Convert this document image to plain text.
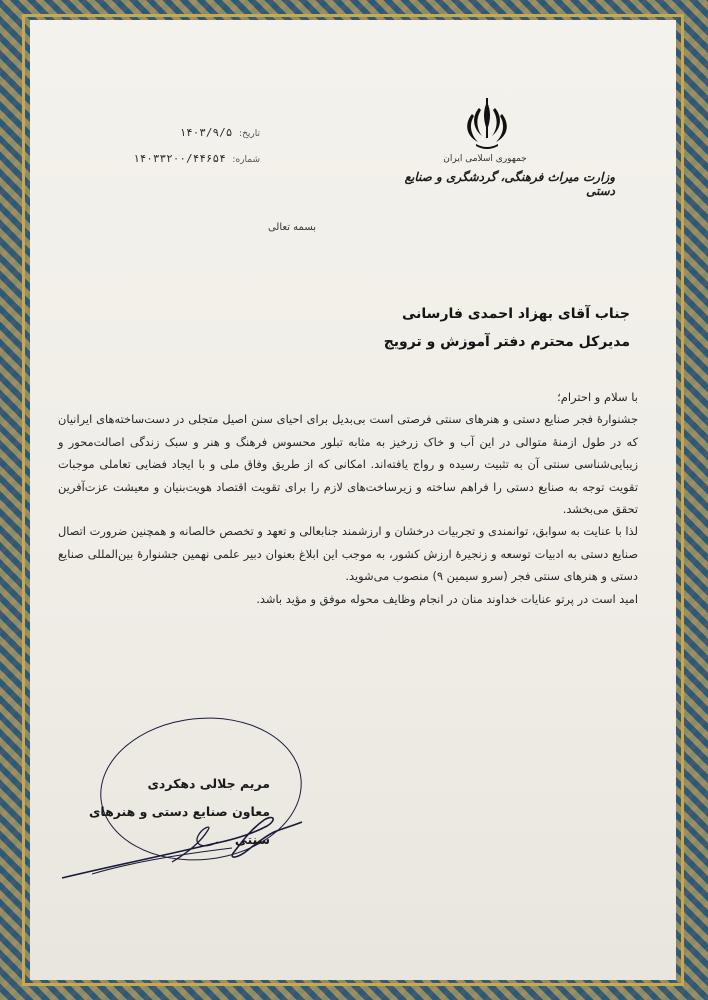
جمهوری اسلامی ایران
وزارت میراث فرهنگی، گردشگری و صنایع دستی
تاریخ: ۱۴۰۳/۹/۵
شماره: ۱۴۰۳۳۲۰۰/۴۴۶۵۴
بسمه تعالی
جناب آقای بهزاد احمدی فارسانی
مدیرکل محترم دفتر آموزش و ترویج

با سلام و احترام؛

جشنوارهٔ فجر صنایع دستی و هنرهای سنتی فرصتی است بی‌بدیل برای احیای سنن اصیل متجلی در دست‌ساخته‌های ایرانیان که در طول ازمنهٔ متوالی در این آب و خاک زرخیز به مثابه تبلور محسوس فرهنگ و هنر و سبک زندگی اصالت‌محور و زیبایی‌شناسی سنتی آن به تثبیت رسیده و رواج یافته‌اند. امکانی که از طریق وفاق ملی و با ایجاد فضایی تعاملی موجبات تقویت توجه به صنایع دستی را فراهم ساخته و زیرساخت‌های لازم را برای تقویت اقتصاد هویت‌بنیان و معیشت عزت‌آفرین تحقق می‌بخشد.

لذا با عنایت به سوابق، توانمندی و تجربیات درخشان و ارزشمند جنابعالی و تعهد و تخصص خالصانه و همچنین ضرورت اتصال صنایع دستی به ادبیات توسعه و زنجیرهٔ ارزش کشور، به موجب این ابلاغ بعنوان دبیر علمی نهمین جشنوارهٔ بین‌المللی صنایع دستی و هنرهای سنتی فجر (سرو سیمین ۹) منصوب می‌شوید.

امید است در پرتو عنایات خداوند منان در انجام وظایف محوله موفق و مؤید باشد.

مریم جلالی دهکردی
معاون صنایع دستی و هنرهای سنتی
